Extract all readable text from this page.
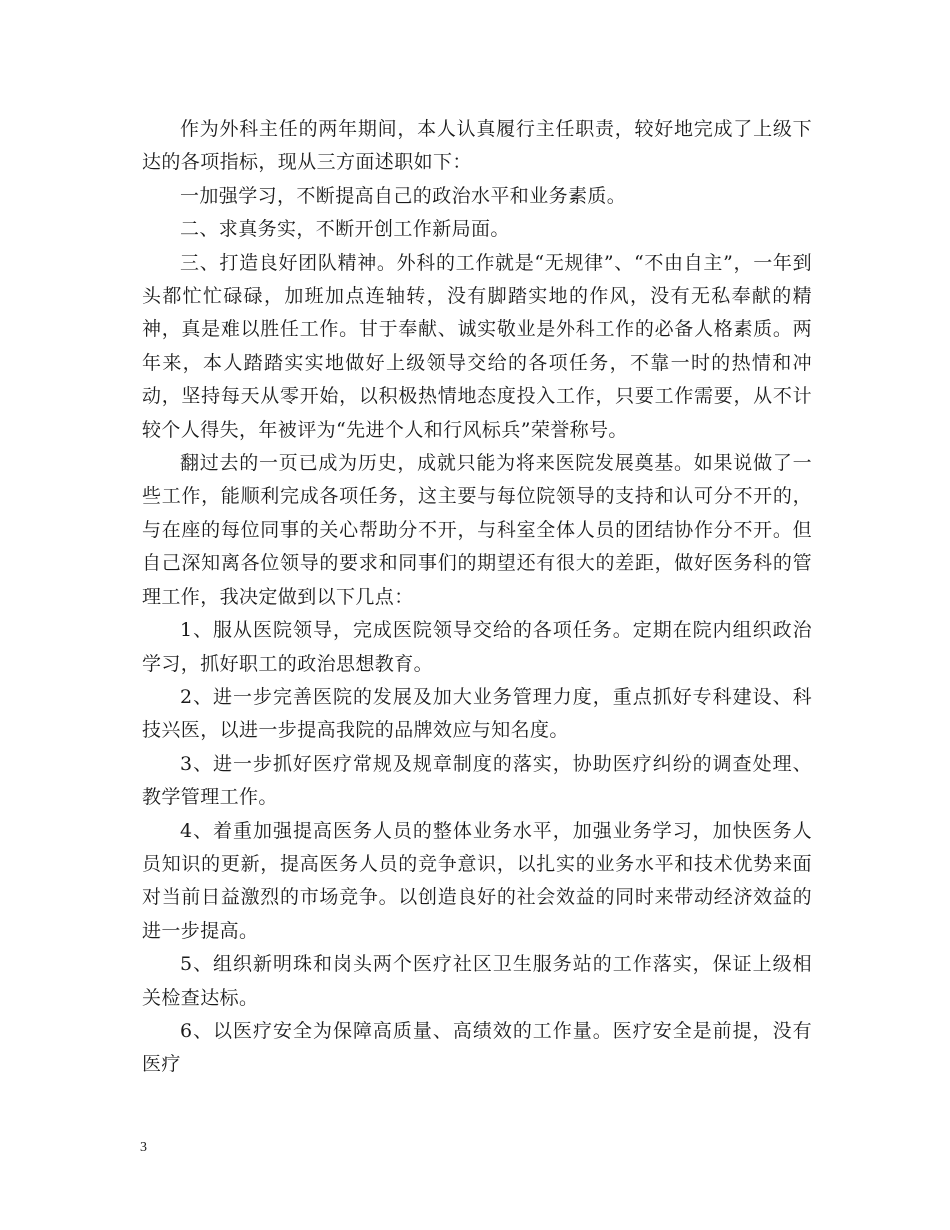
作为外科主任的两年期间，本人认真履行主任职责，较好地完成了上级下达的各项指标，现从三方面述职如下：

一加强学习，不断提高自己的政治水平和业务素质。

二、求真务实，不断开创工作新局面。

三、打造良好团队精神。外科的工作就是“无规律”、“不由自主”，一年到头都忙忙碌碌，加班加点连轴转，没有脚踏实地的作风，没有无私奉献的精神，真是难以胜任工作。甘于奉献、诚实敬业是外科工作的必备人格素质。两年来，本人踏踏实实地做好上级领导交给的各项任务，不靠一时的热情和冲动，坚持每天从零开始，以积极热情地态度投入工作，只要工作需要，从不计较个人得失，年被评为“先进个人和行风标兵”荣誉称号。

翻过去的一页已成为历史，成就只能为将来医院发展奠基。如果说做了一些工作，能顺利完成各项任务，这主要与每位院领导的支持和认可分不开的，与在座的每位同事的关心帮助分不开，与科室全体人员的团结协作分不开。但自己深知离各位领导的要求和同事们的期望还有很大的差距，做好医务科的管理工作，我决定做到以下几点：

1、服从医院领导，完成医院领导交给的各项任务。定期在院内组织政治学习，抓好职工的政治思想教育。

2、进一步完善医院的发展及加大业务管理力度，重点抓好专科建设、科技兴医，以进一步提高我院的品牌效应与知名度。

3、进一步抓好医疗常规及规章制度的落实，协助医疗纠纷的调查处理、教学管理工作。

4、着重加强提高医务人员的整体业务水平，加强业务学习，加快医务人员知识的更新，提高医务人员的竞争意识，以扎实的业务水平和技术优势来面对当前日益激烈的市场竞争。以创造良好的社会效益的同时来带动经济效益的进一步提高。

5、组织新明珠和岗头两个医疗社区卫生服务站的工作落实，保证上级相关检查达标。

6、以医疗安全为保障高质量、高绩效的工作量。医疗安全是前提，没有医疗

3
